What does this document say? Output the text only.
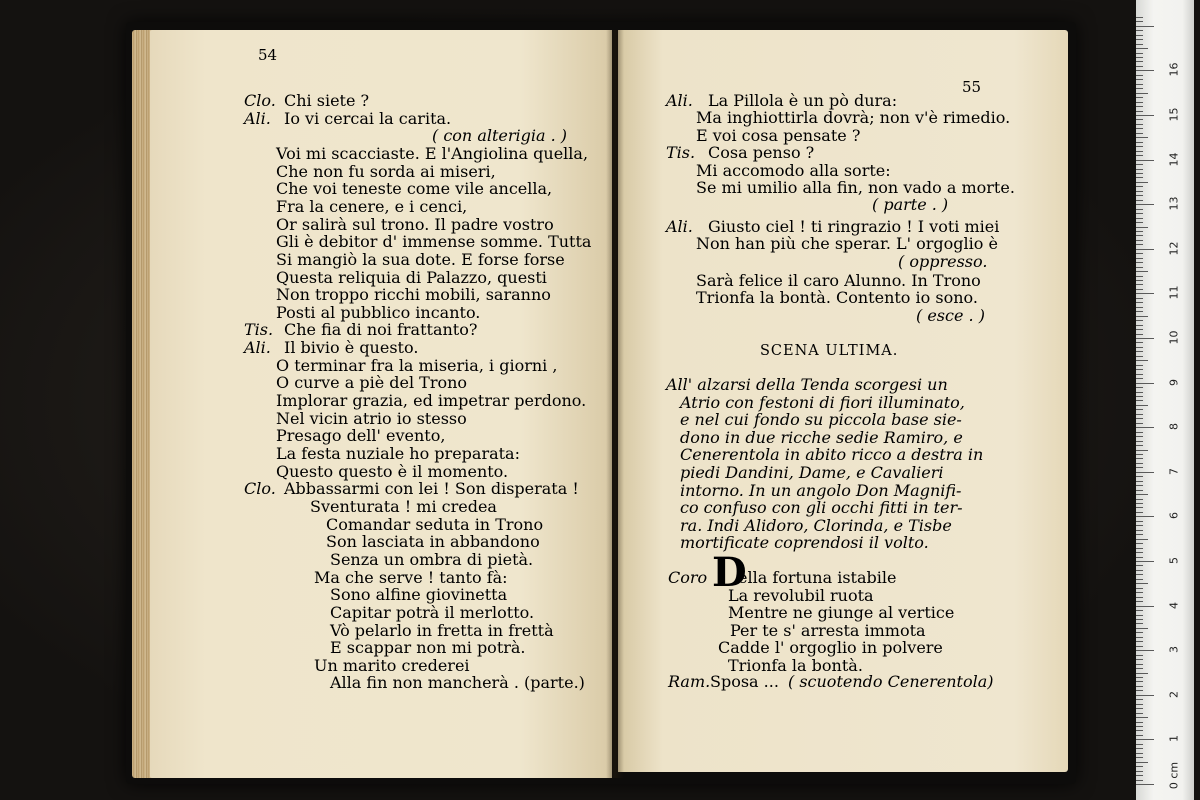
54
Clo. Chi siete ?
Ali. Io vi cercai la carita.
( con alterigia . )
Voi mi scacciaste. E l'Angiolina quella,
Che non fu sorda ai miseri,
Che voi teneste come vile ancella,
Fra la cenere, e i cenci,
Or salirà sul trono. Il padre vostro
Gli è debitor d' immense somme. Tutta
Si mangiò la sua dote. E forse forse
Questa reliquia di Palazzo, questi
Non troppo ricchi mobili, saranno
Posti al pubblico incanto.
Tis. Che fia di noi frattanto?
Ali. Il bivio è questo.
O terminar fra la miseria, i giorni ,
O curve a piè del Trono
Implorar grazia, ed impetrar perdono.
Nel vicin atrio io stesso
Presago dell' evento,
La festa nuziale ho preparata:
Questo questo è il momento.
Clo. Abbassarmi con lei ! Son disperata !
Sventurata ! mi credea
Comandar seduta in Trono
Son lasciata in abbandono
Senza un ombra di pietà.
Ma che serve ! tanto fà:
Sono alfine giovinetta
Capitar potrà il merlotto.
Vò pelarlo in fretta in frettà
E scappar non mi potrà.
Un marito crederei
Alla fin non mancherà . (parte.)
55
Ali. La Pillola è un pò dura:
Ma inghiottirla dovrà; non v'è rimedio.
E voi cosa pensate ?
Tis. Cosa penso ?
Mi accomodo alla sorte:
Se mi umilio alla fin, non vado a morte.
( parte . )
Ali. Giusto ciel ! ti ringrazio ! I voti miei
Non han più che sperar. L' orgoglio è
( oppresso.
Sarà felice il caro Alunno. In Trono
Trionfa la bontà. Contento io sono.
( esce . )
SCENA ULTIMA.
All' alzarsi della Tenda scorgesi un
Atrio con festoni di fiori illuminato,
e nel cui fondo su piccola base sie-
dono in due ricche sedie Ramiro, e
Cenerentola in abito ricco a destra in
piedi Dandini, Dame, e Cavalieri
intorno. In un angolo Don Magnifi-
co confuso con gli occhi fitti in ter-
ra. Indi Alidoro, Clorinda, e Tisbe
mortificate coprendosi il volto.
Coro D
ella fortuna istabile
La revolubil ruota
Mentre ne giunge al vertice
Per te s' arresta immota
Cadde l' orgoglio in polvere
Trionfa la bontà.
Ram. Sposa ... ( scuotendo Cenerentola)
0 cm
1
2
3
4
5
6
7
8
9
10
11
12
13
14
15
16
